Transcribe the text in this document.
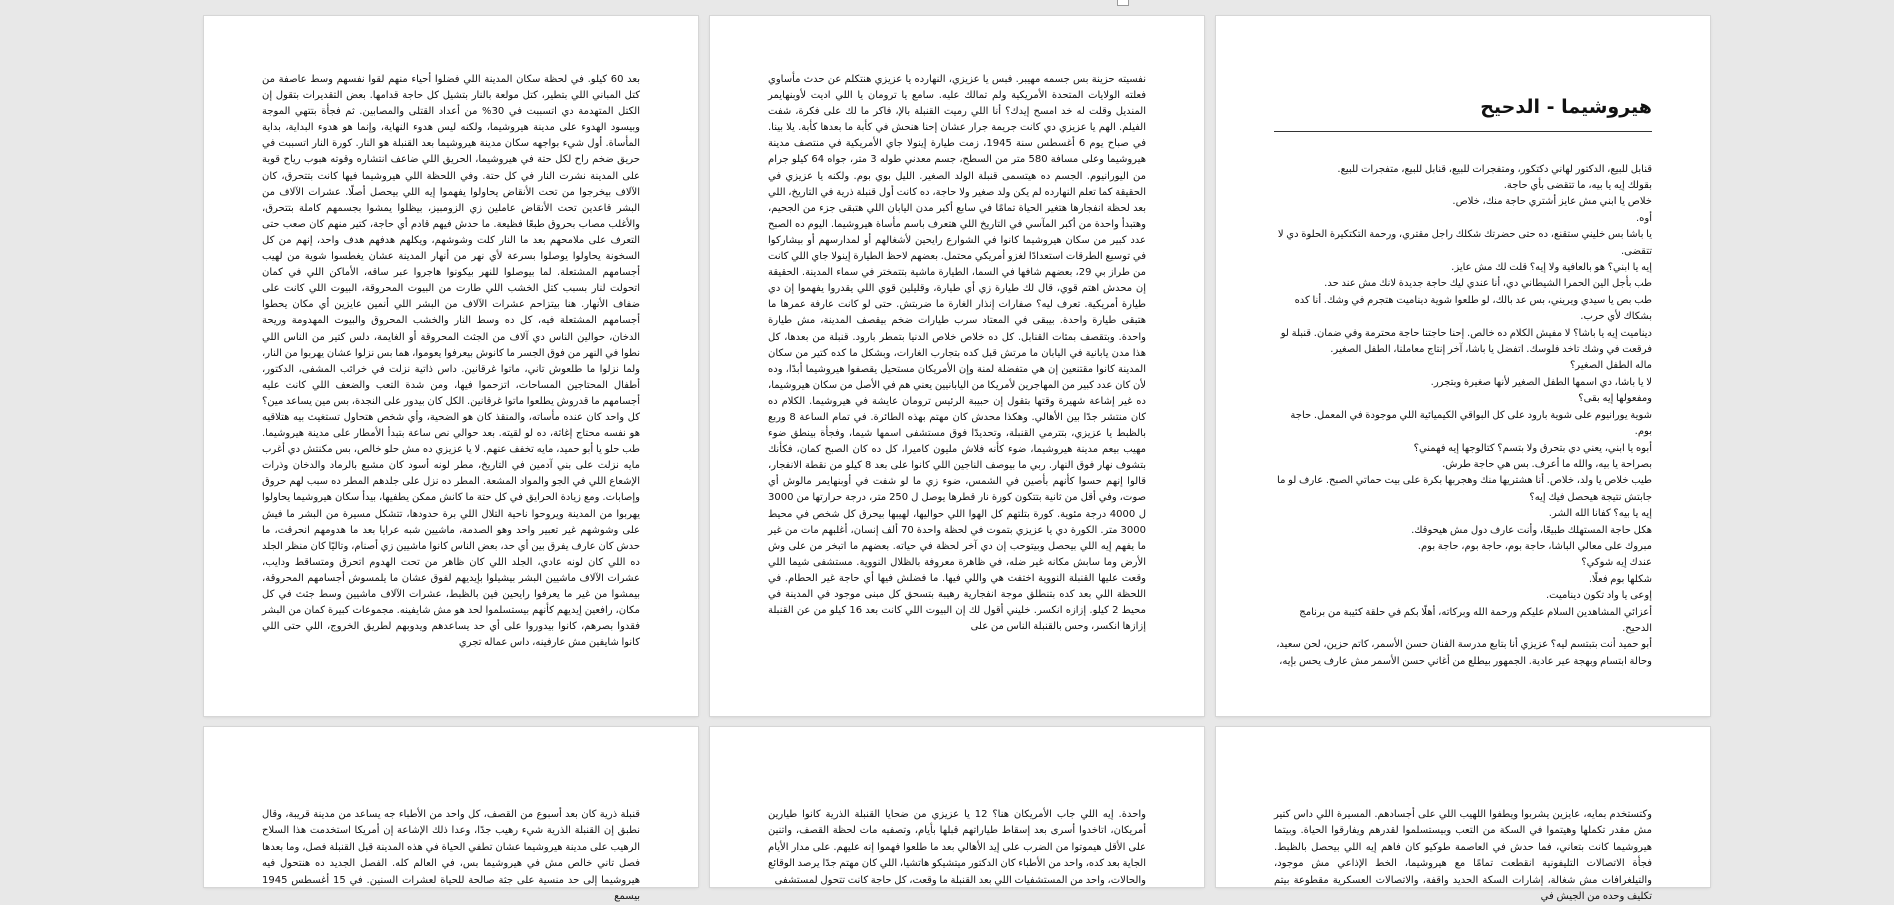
هيروشيما - الدحيح

قنابل للبيع، الدكتور لهاني دكتكور، ومتفجرات للبيع، قنابل للبيع، متفجرات للبيع.

بقولك إيه يا بيه، ما تتقضى بأي حاجة.

خلاص يا ابني مش عايز أشتري حاجة منك، خلاص.

أوه.

يا باشا بس خليني ستقنع، ده حتى حضرتك شكلك راجل مقتري، ورحمة التكتكيرة الحلوة دي لا تتقضى.

إيه يا ابني؟ هو بالعافية ولا إيه؟ قلت لك مش عايز.

طب بأجل الين الحمرا الشيطاني دي، أنا عندي ليك حاجة جديدة لانك مش عند حد.

طب بص يا سيدي ويريني، بس عد بالك، لو طلعوا شوية ديناميت هتجرم في وشك. أنا كده بشكاك لأي حرب.

ديناميت إيه يا باشا؟ لا مفيش الكلام ده خالص. إحنا حاجتنا حاجة محترمة وفي ضمان. قنبلة لو فرقعت في وشك تاخد فلوسك. اتفضل يا باشا، آخر إنتاج معاملنا، الطفل الصغير.

ماله الطفل الصغير؟

لا يا باشا، دي اسمها الطفل الصغير لأنها صغيرة وبتجرر.

ومفعولها إيه بقى؟

شوية يورانيوم على شوية بارود على كل البواقي الكيميائية اللي موجودة في المعمل. حاجة بوم.

أبوه يا ابني، يعني دي بتحرق ولا بتسم؟ كتالوجها إيه فهمني؟

بصراحة يا بيه، والله ما أعرف. بس هي حاجة طرش.

طيب خلاص يا ولد، خلاص. أنا هشتريها منك وهجربها بكرة على بيت حماتي الصبح. عارف لو ما جابتش نتيجة هيحصل فيك إيه؟

إيه يا بيه؟ كفانا الله الشر.

هكل حاجة المستهلك طبيعًا، وأنت عارف دول مش هيحوقك.

مبروك على معالي الباشا، حاجة بوم، حاجة بوم، حاجة بوم.

عندك إيه شوكي؟

شكلها بوم فعلًا.

إوعى يا واد تكون ديناميت.

أعزائي المشاهدين السلام عليكم ورحمة الله وبركاته، أهلًا بكم في حلقة كئيبة من برنامج الدحيح.

أبو حميد أنت بتبتسم ليه؟ عزيزي أنا بتابع مدرسة الفنان حسن الأسمر، كاتم حزين، لحن سعيد،

وحالة ابتسام وبهجة عير عادية. الجمهور بيطلع من أغاني حسن الأسمر مش عارف يحس بإيه،

نفسيته حزينة بس جسمه مهيبر. فبس يا عزيزي، النهارده يا عزيزي هنتكلم عن حدث مأساوي فعلته الولايات المتحدة الأمريكية ولم تمالك عليه. سامع يا ترومان يا اللي اديت لأوبنهايمر المنديل وقلت له خد امسح إيدك؟ أنا اللي رميت القنبلة بالإ، فاكر ما لك على فكرة، شفت الفيلم. الهم يا عزيزي دي كانت جريمة جرار عشان إحنا هنحش في كأبة ما بعدها كأبة. يلا بينا. في صباح يوم 6 أغسطس سنة 1945، زمت طيارة إينولا جاي الأمريكية في منتصف مدينة هيروشيما وعلى مسافة 580 متر من السطح، جسم معدني طوله 3 متر، جواه 64 كيلو جرام من اليورانيوم. الجسم ده هيتسمى قنبلة الولد الصغير. الليل بوي بوم. ولكنه يا عزيزي في الحقيقة كما تعلم النهارده لم يكن ولد صغير ولا حاجة، ده كانت أول قنبلة ذرية في التاريخ، اللي بعد لحظة انفجارها هتغير الحياة تمامًا في سابع أكبر مدن اليابان اللي هتبقى جزء من الجحيم، وهتبدأ واحدة من أكبر المآسي في التاريخ اللي هتعرف باسم مأساة هيروشيما. اليوم ده الصبح عدد كبير من سكان هيروشيما كانوا في الشوارع رايحين لأشغالهم أو لمدارسهم أو بيشاركوا في توسيع الطرقات استعدادًا لغزو أمريكي محتمل. بعضهم لاحظ الطيارة إينولا جاي اللي كانت من طراز بي 29، بعضهم شافها في السما، الطيارة ماشية بتتمختر في سماء المدينة. الحقيقة إن محدش اهتم قوي، قال لك طيارة زي أي طيارة، وقليلين قوي اللي يقدروا يفهموا إن دي طيارة أمريكية. تعرف ليه؟ صفارات إنذار الغارة ما ضربتش. حتى لو كانت عارفة عمرها ما هتبقى طيارة واحدة. بيبقى في المعتاد سرب طيارات ضخم بيقصف المدينة، مش طيارة واحدة. وبتقصف بمئات القنابل. كل ده خلاص خلاص الدنيا بتمطر بارود. قنبلة من بعدها، كل هذا مدن يابانية في اليابان ما مرتش قبل كده بتجارب الغارات، وبشكل ما كده كتير من سكان المدينة كانوا مقتنعين إن هي متفضلة لمنة وإن الأمريكان مستحيل يقصفوا هيروشيما أبدًا، وده لأن كان عدد كبير من المهاجرين لأمريكا من اليابانيين يعني هم في الأصل من سكان هيروشيما، ده غير إشاعة شهيرة وقتها بتقول إن حبيبة الرئيس ترومان عايشة في هيروشيما. الكلام ده كان منتشر جدًا بين الأهالي. وهكذا محدش كان مهتم بهذه الطائرة. في تمام الساعة 8 وربع بالظبط يا عزيزي، بتترمي القنبلة، وتحديدًا فوق مستشفى اسمها شيما، وفجأة بينطق ضوء مهيب بيعم مدينة هيروشيما، ضوء كأنه فلاش مليون كاميرا، كل ده كان الصبح كمان، فكأنك بتشوف نهار فوق النهار. ربي ما بيوصف الناجين اللي كانوا على بعد 8 كيلو من نقطة الانفجار، قالوا إنهم حسوا كأنهم بأصين في الشمس، ضوء زي ما لو شفت في أوبنهايمر مالوش أي صوت، وفي أقل من ثانية بتتكون كورة نار قطرها يوصل ل 250 متر، درجة حرارتها من 3000 ل 4000 درجة مئوية. كورة بتلتهم كل الهوا اللي حواليها، لهيبها بيحرق كل شخص في محيط 3000 متر. الكورة دي يا عزيزي بتموت في لحظة واحدة 70 ألف إنسان، أغلبهم مات من غير ما يفهم إيه اللي بيحصل وبيتوحب إن دي آخر لحظة في حياته. بعضهم ما اتبخر من على وش الأرض وما سابش مكانه غير ضله، في ظاهرة معروفة بالظلال النووية. مستشفى شيما اللي وقعت عليها القنبلة النووية اختفت هي واللي فيها. ما فضلش فيها أي حاجة غير الحطام. في اللحظة اللي بعد كده بتنطلق موجة انفجارية رهيبة بتسحق كل مبنى موجود في المدينة في محيط 2 كيلو. إزازه انكسر. خليني أقول لك إن البيوت اللي كانت بعد 16 كيلو من عن القنبلة إزازها انكسر، وحس بالقنبلة الناس من على

بعد 60 كيلو. في لحظة سكان المدينة اللي فضلوا أحياء منهم لقوا نفسهم وسط عاصفة من كتل المباني اللي بتطير، كتل مولعة بالنار بتشيل كل حاجة قدامها. بعض التقديرات بتقول إن الكتل المتهدمة دي اتسببت في 30% من أعداد القتلى والمصابين. ثم فجأة بتتهي الموجة وبيسود الهدوء على مدينة هيروشيما، ولكنه ليس هدوء النهاية، وإنما هو هدوء البداية، بداية المأساة. أول شيء بواجهه سكان مدينة هيروشيما بعد القنبلة هو النار. كورة النار اتسببت في حريق ضخم راح لكل حتة في هيروشيما، الحريق اللي ضاعف انتشاره وقوته هبوب رياح قوية على المدينة نشرت النار في كل حتة. وفي اللحظة اللي هيروشيما فيها كانت بتتحرق، كان الآلاف بيخرجوا من تحت الأنقاض يحاولوا يفهموا إيه اللي بيحصل أصلًا. عشرات الآلاف من البشر قاعدين تحت الأنقاض عاملين زي الزومبيز، بيظلوا يمشوا بجسمهم كاملة بتتحرق، والأغلب مصاب بحروق طبعًا فظيعة. ما حدش فيهم قادم أي حاجة، كتير منهم كان صعب حتى التعرف على ملامحهم بعد ما النار كلت وشوشهم، ويكلهم هدفهم هدف واحد، إنهم من كل السخونة يحاولوا يوصلوا بسرعة لأي نهر من أنهار المدينة عشان يغطسوا شوية من لهيب أجسامهم المشتعلة. لما بيوصلوا للنهر بيكونوا هاجروا عبر ساقه، الأماكن اللي في كمان اتحولت لنار بسبب كتل الخشب اللي طارت من البيوت المحروقة، البيوت اللي كانت على ضفاف الأنهار. هنا بيتزاحم عشرات الآلاف من البشر اللي أنمين عايزين أي مكان يحطوا أجسامهم المشتعلة فيه، كل ده وسط النار والخشب المحروق والبيوت المهدومة وريحة الدخان، حوالين الناس دي آلاف من الجثث المحروقة أو الغايمة، دلس كتير من الناس اللي نطوا في النهر من فوق الجسر ما كانوش بيعرفوا يعوموا، هما بس نزلوا عشان يهربوا من النار، ولما نزلوا ما طلعوش تاني، ماتوا غرقانين. داس ذاتية نزلت في خرائب المشفى، الدكتور، أطفال المحتاجين المساحات، اتزحموا فيها، ومن شدة التعب والضعف اللي كانت عليه أجسامهم ما قدروش يطلعوا ماتوا غرقانين. الكل كان بيدور على النجدة، بس مين يساعد مين؟ كل واحد كان عنده مأساته، والمنقذ كان هو الضحية، وأي شخص هتحاول تستغيث بيه هتلاقيه هو نفسه محتاج إغاثة، ده لو لقيته. بعد حوالي نص ساعة بتبدأ الأمطار على مدينة هيروشيما. طب حلو يا أبو حميد، مايه تخفف عنهم. لا يا عزيزي ده مش حلو خالص، بس مكنتش دي أغرب مايه نزلت على بني آدمين في التاريخ، مطر لونه أسود كان مشبع بالرماد والدخان وذرات الإشعاع اللي في الجو والمواد المشعة. المطر ده نزل على جلدهم المطر ده سبب لهم حروق وإصابات. ومع زيادة الحرايق في كل حتة ما كانش ممكن يطفيها، بيدأ سكان هيروشيما يحاولوا يهربوا من المدينة ويروحوا ناحية التلال اللي برة حدودها، تتشكل مسيرة من البشر ما فيش على وشوشهم غير تعبير واحد وهو الصدمة، ماشيين شبه عرايا بعد ما هدومهم انحرقت، ما حدش كان عارف يفرق بين أي حد، بعض الناس كانوا ماشيين زي أصنام، وتاليًا كان منظر الجلد ده اللي كان لونه عادي، الجلد اللي كان ظاهر من تحت الهدوم اتحرق ومتساقط ودايب، عشرات الآلاف ماشيين البشر بيشيلوا بإيديهم لفوق عشان ما يلمسوش أجسامهم المحروقة، بيمشوا من غير ما يعرفوا رايحين فين بالظبط، عشرات الآلاف ماشيين وسط جثث في كل مكان، رافعين إيديهم كأنهم بيستسلموا لحد هو مش شايفينه. مجموعات كبيرة كمان من البشر فقدوا بصرهم، كانوا بيدوروا على أي حد يساعدهم ويدوبهم لطريق الخروج، اللي حتى اللي كانوا شايفين مش عارفينه، داس عماله تجري

وكتستخدم بمايه، عايزين يشربوا ويطفوا اللهيب اللي على أجسادهم. المسيرة اللي داس كتير مش مقدر تكملها وهيتموا في السكة من التعب وبيستسلموا لقدرهم ويفارقوا الحياة. وبيتما هيروشيما كانت بتعاني، فما حدش في العاصمة طوكيو كان فاهم إيه اللي بيحصل بالظبط. فجأة الاتصالات التليفونية انقطعت تمامًا مع هيروشيما، الخط الإذاعي مش موجود، والتيلغرافات مش شغالة، إشارات السكة الحديد واقفة، والاتصالات العسكرية مقطوعة بيتم تكليف وحده من الجيش في

واحدة. إيه اللي جاب الأمريكان هنا؟ 12 يا عزيزي من ضحايا القنبلة الذرية كانوا طيارين أمريكان، اتاخدوا أسرى بعد إسقاط طياراتهم قبلها بأيام، وتصفيه مات لحظة القصف، واتنين على الأقل هيموتوا من الضرب على إيد الأهالي بعد ما طلعوا فهموا إنه عليهم. على مدار الأيام الجاية بعد كده، واحد من الأطباء كان الدكتور ميتشيكو هاتشيا، اللي كان مهتم جدًا يرصد الوقائع والحالات، واحد من المستشفيات اللي بعد القنبلة ما وقعت، كل حاجة كانت تتحول لمستشفى

قنبلة ذرية كان بعد أسبوع من القصف، كل واحد من الأطباء جه يساعد من مدينة قريبة، وقال نطبق إن القنبلة الذرية شيء رهيب جدًا، وعدا ذلك الإشاعة إن أمريكا استخدمت هذا السلاح الرهيب على مدينة هيروشيما عشان تطفي الحياة في هذه المدينة قبل القنبلة فصل، وما بعدها فصل تاني خالص مش في هيروشيما بس، في العالم كله. الفصل الجديد ده هنتحول فيه هيروشيما إلى حد منسية على جثة صالحة للحياة لعشرات السنين. في 15 أغسطس 1945 بيسمع
